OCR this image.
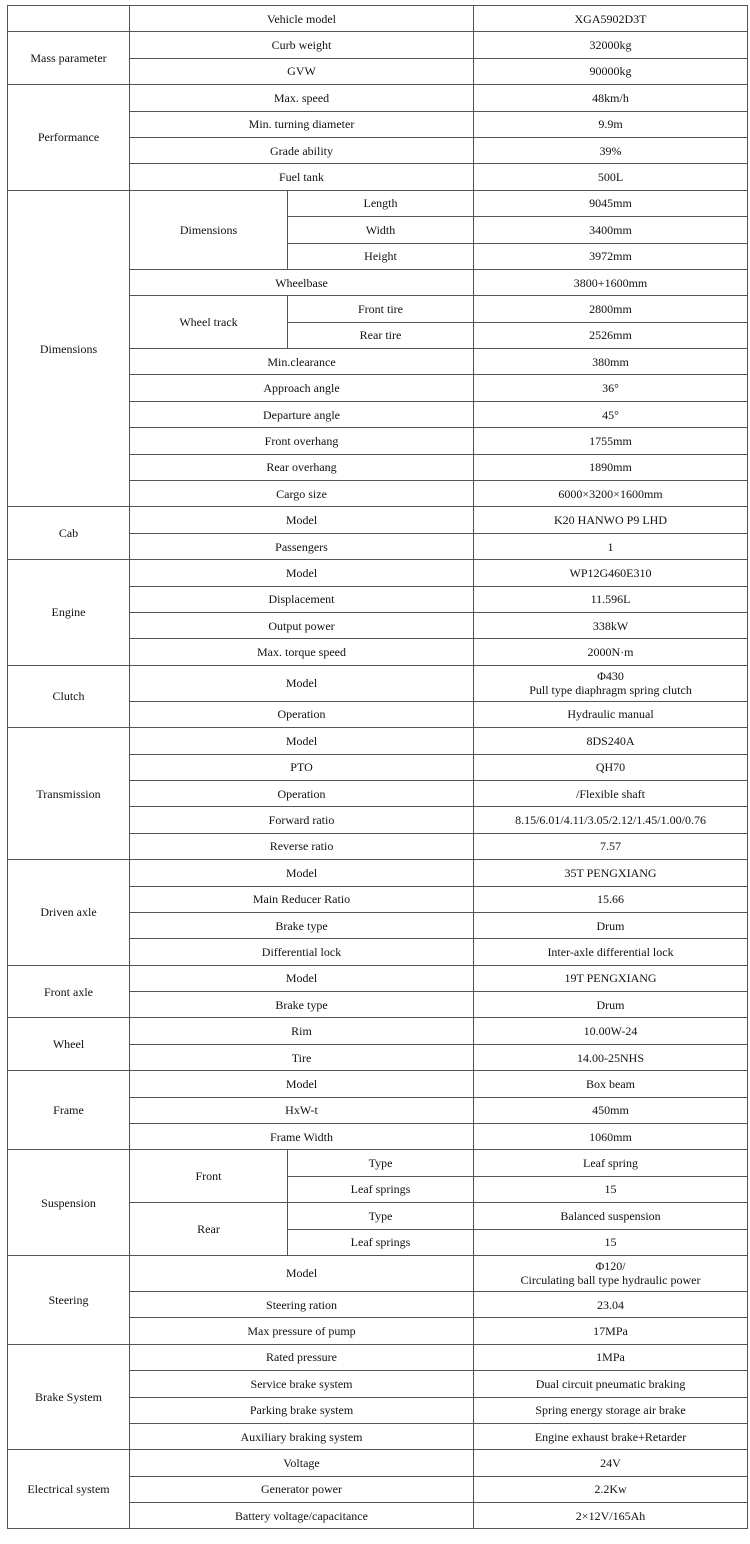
	Vehicle model		XGA5902D3T
Mass parameter	Curb weight		32000kg
	GVW		90000kg
Performance	Max. speed		48km/h
	Min. turning diameter		9.9m
	Grade ability		39%
	Fuel tank		500L
Dimensions	Dimensions	Length	9045mm
		Width	3400mm
		Height	3972mm
	Wheelbase		3800+1600mm
	Wheel track	Front tire	2800mm
		Rear tire	2526mm
	Min.clearance		380mm
	Approach angle		36°
	Departure angle		45°
	Front overhang		1755mm
	Rear overhang		1890mm
	Cargo size		6000×3200×1600mm
Cab	Model		K20 HANWO P9 LHD
	Passengers		1
Engine	Model		WP12G460E310
	Displacement		11.596L
	Output power		338kW
	Max. torque speed		2000N·m
Clutch	Model		Φ430
Pull type diaphragm spring clutch

	Operation		Hydraulic manual
Transmission	Model		8DS240A
	PTO		QH70
	Operation		/Flexible shaft
	Forward ratio		8.15/6.01/4.11/3.05/2.12/1.45/1.00/0.76
	Reverse ratio		7.57
Driven axle	Model		35T PENGXIANG
	Main Reducer Ratio		15.66
	Brake type		Drum
	Differential lock		Inter-axle differential lock
Front axle	Model		19T PENGXIANG
	Brake type		Drum
Wheel	Rim		10.00W-24
	Tire		14.00-25NHS
Frame	Model		Box beam
	HxW-t		450mm
	Frame Width		1060mm
Suspension	Front	Type	Leaf spring
		Leaf springs	15
	Rear	Type	Balanced suspension
		Leaf springs	15
Steering	Model		Φ120/
Circulating ball type hydraulic power

	Steering ration		23.04
	Max pressure of pump		17MPa
Brake System	Rated pressure		1MPa
	Service brake system		Dual circuit pneumatic braking
	Parking brake system		Spring energy storage air brake
	Auxiliary braking system		Engine exhaust brake+Retarder
Electrical system	Voltage		24V
	Generator power		2.2Kw
	Battery voltage/capacitance		2×12V/165Ah
